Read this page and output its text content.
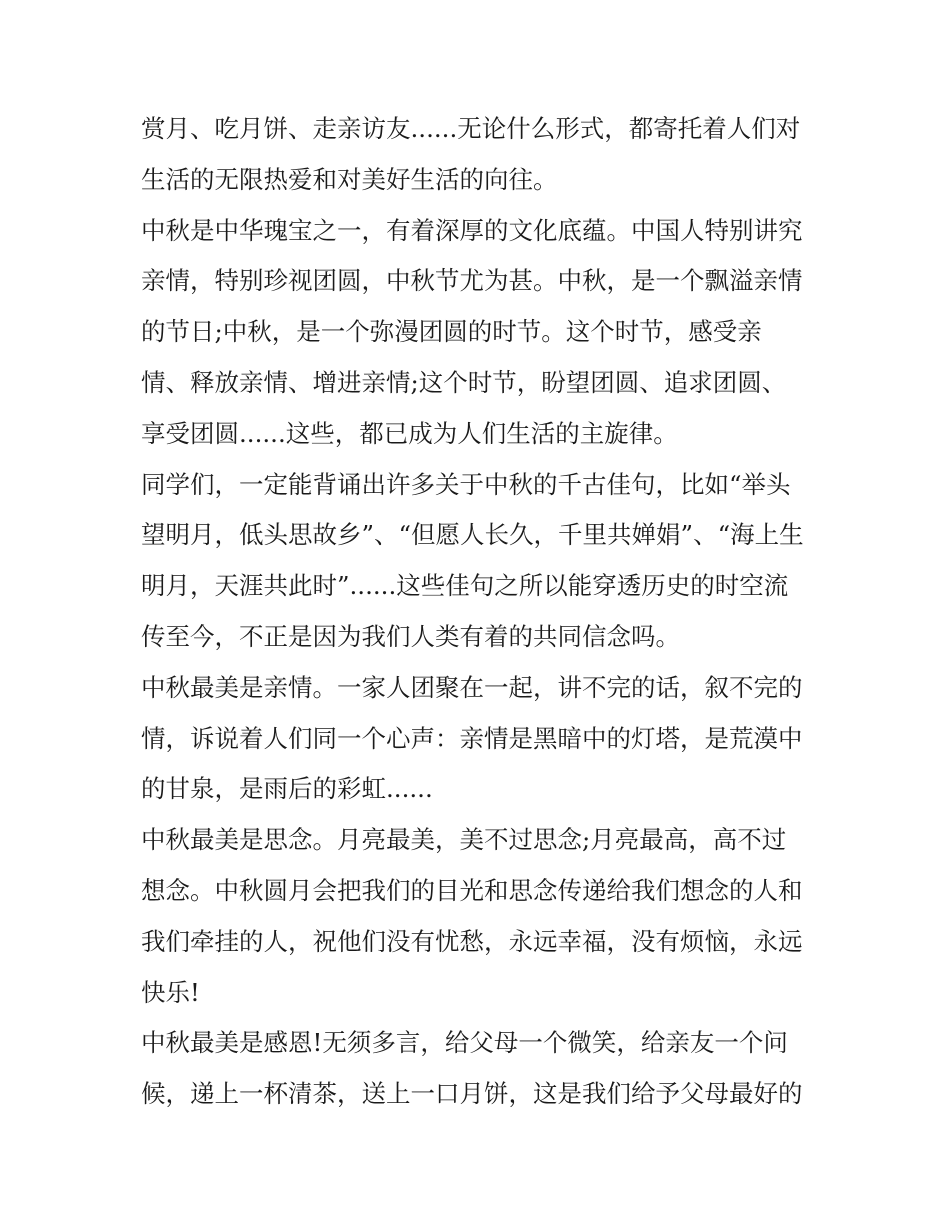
赏月、吃月饼、走亲访友......无论什么形式，都寄托着人们对
生活的无限热爱和对美好生活的向往。
中秋是中华瑰宝之一，有着深厚的文化底蕴。中国人特别讲究
亲情，特别珍视团圆，中秋节尤为甚。中秋，是一个飘溢亲情
的节日;中秋，是一个弥漫团圆的时节。这个时节，感受亲
情、释放亲情、增进亲情;这个时节，盼望团圆、追求团圆、
享受团圆......这些，都已成为人们生活的主旋律。
同学们，一定能背诵出许多关于中秋的千古佳句，比如“举头
望明月，低头思故乡”、“但愿人长久，千里共婵娟”、“海上生
明月，天涯共此时”......这些佳句之所以能穿透历史的时空流
传至今，不正是因为我们人类有着的共同信念吗。
中秋最美是亲情。一家人团聚在一起，讲不完的话，叙不完的
情，诉说着人们同一个心声：亲情是黑暗中的灯塔，是荒漠中
的甘泉，是雨后的彩虹......
中秋最美是思念。月亮最美，美不过思念;月亮最高，高不过
想念。中秋圆月会把我们的目光和思念传递给我们想念的人和
我们牵挂的人，祝他们没有忧愁，永远幸福，没有烦恼，永远
快乐!
中秋最美是感恩!无须多言，给父母一个微笑，给亲友一个问
候，递上一杯清茶，送上一口月饼，这是我们给予父母最好的
